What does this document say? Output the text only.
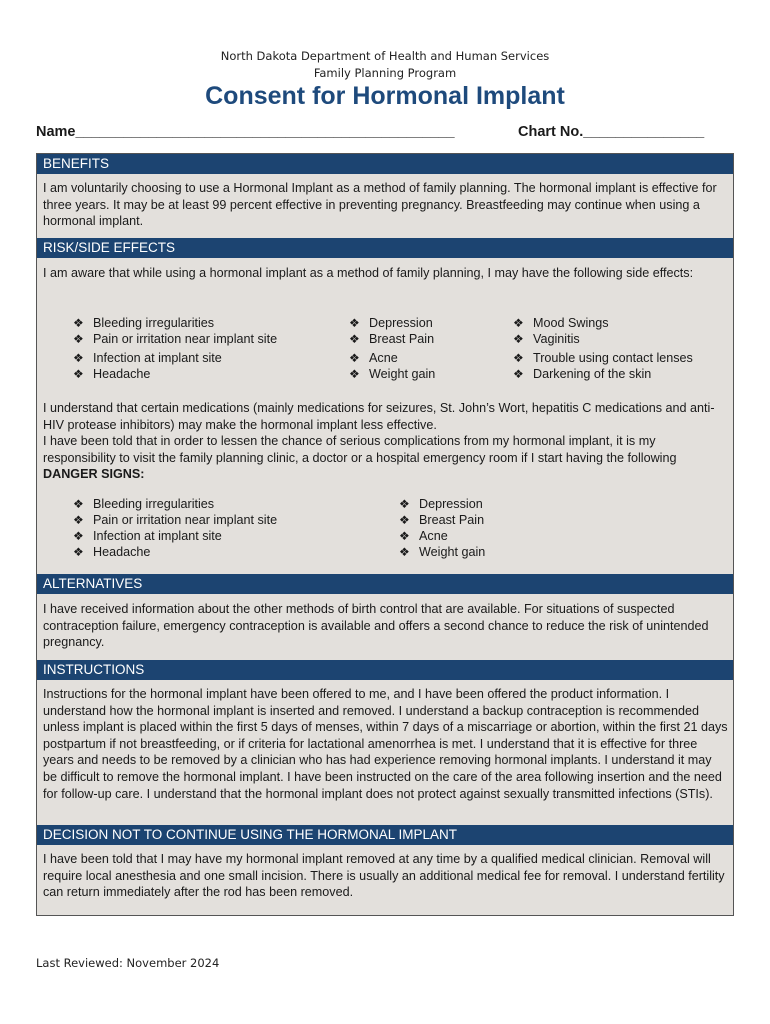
North Dakota Department of Health and Human Services
Family Planning Program
Consent for Hormonal Implant
Name_______________________________________________	Chart No._______________
BENEFITS
I am voluntarily choosing to use a Hormonal Implant as a method of family planning. The hormonal implant is effective for three years. It may be at least 99 percent effective in preventing pregnancy. Breastfeeding may continue when using a hormonal implant.
RISK/SIDE EFFECTS
I am aware that while using a hormonal implant as a method of family planning, I may have the following side effects:
❖ Bleeding irregularities
❖ Pain or irritation near implant site
❖ Infection at implant site
❖ Headache
❖ Depression
❖ Breast Pain
❖ Acne
❖ Weight gain
❖ Mood Swings
❖ Vaginitis
❖ Trouble using contact lenses
❖ Darkening of the skin
I understand that certain medications (mainly medications for seizures, St. John’s Wort, hepatitis C medications and anti-HIV protease inhibitors) may make the hormonal implant less effective.
I have been told that in order to lessen the chance of serious complications from my hormonal implant, it is my responsibility to visit the family planning clinic, a doctor or a hospital emergency room if I start having the following DANGER SIGNS:
❖ Bleeding irregularities
❖ Pain or irritation near implant site
❖ Infection at implant site
❖ Headache
❖ Depression
❖ Breast Pain
❖ Acne
❖ Weight gain
ALTERNATIVES
I have received information about the other methods of birth control that are available. For situations of suspected contraception failure, emergency contraception is available and offers a second chance to reduce the risk of unintended pregnancy.
INSTRUCTIONS
Instructions for the hormonal implant have been offered to me, and I have been offered the product information. I understand how the hormonal implant is inserted and removed. I understand a backup contraception is recommended unless implant is placed within the first 5 days of menses, within 7 days of a miscarriage or abortion, within the first 21 days postpartum if not breastfeeding, or if criteria for lactational amenorrhea is met. I understand that it is effective for three years and needs to be removed by a clinician who has had experience removing hormonal implants. I understand it may be difficult to remove the hormonal implant. I have been instructed on the care of the area following insertion and the need for follow-up care. I understand that the hormonal implant does not protect against sexually transmitted infections (STIs).
DECISION NOT TO CONTINUE USING THE HORMONAL IMPLANT
I have been told that I may have my hormonal implant removed at any time by a qualified medical clinician. Removal will require local anesthesia and one small incision. There is usually an additional medical fee for removal. I understand fertility can return immediately after the rod has been removed.
Last Reviewed: November 2024
